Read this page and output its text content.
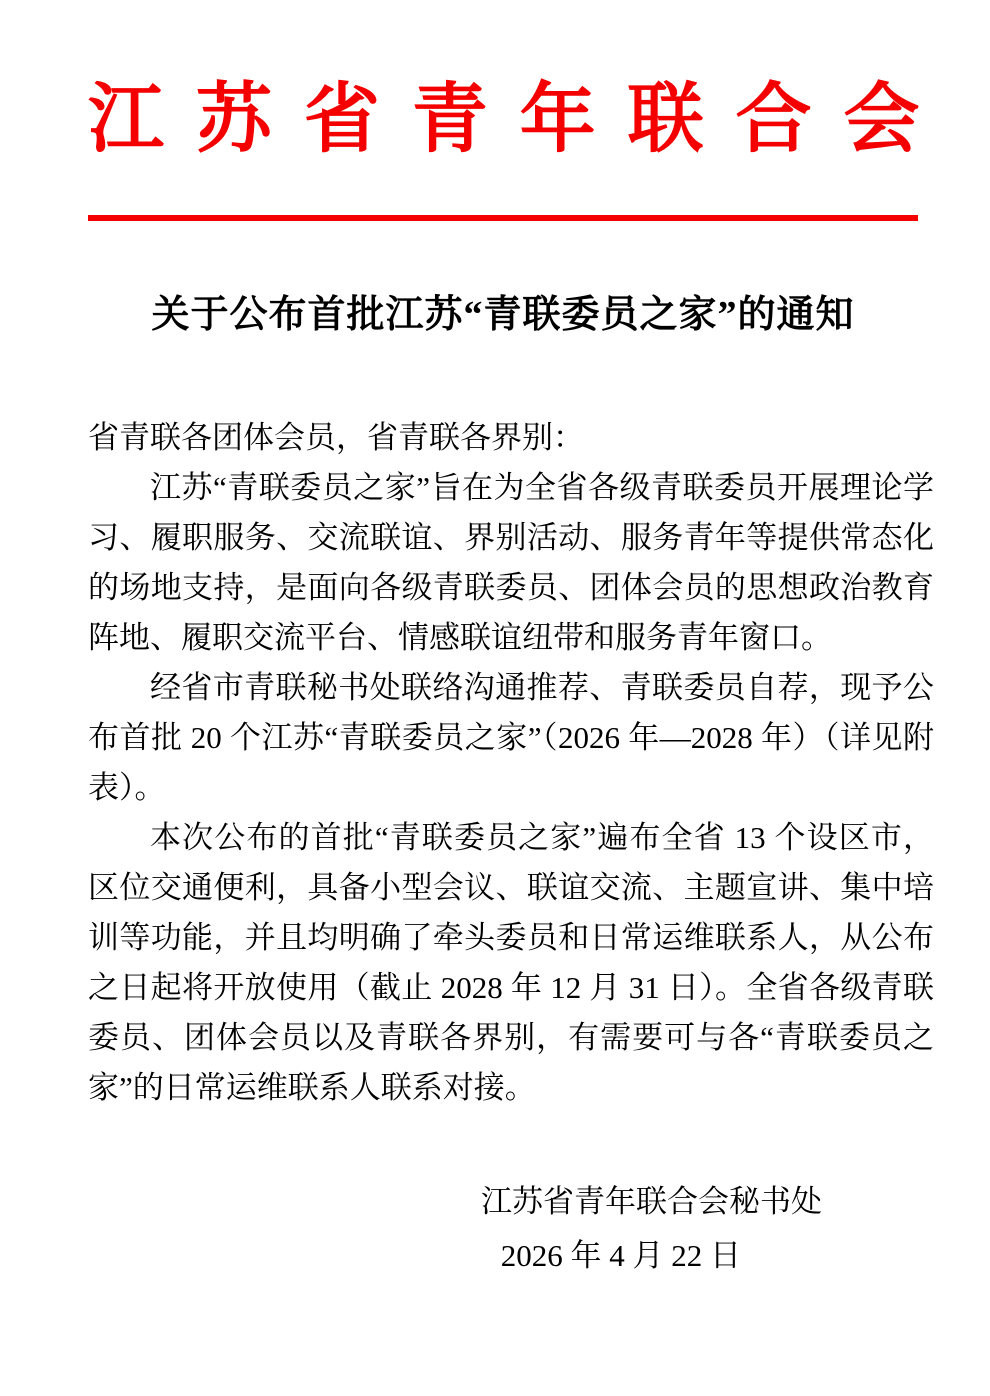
江苏省青年联合会
关于公布首批江苏“青联委员之家”的通知

省青联各团体会员，省青联各界别：

江苏“青联委员之家”旨在为全省各级青联委员开展理论学习、履职服务、交流联谊、界别活动、服务青年等提供常态化的场地支持，是面向各级青联委员、团体会员的思想政治教育阵地、履职交流平台、情感联谊纽带和服务青年窗口。

经省市青联秘书处联络沟通推荐、青联委员自荐，现予公布首批 20 个江苏“青联委员之家”（2026 年—2028 年）（详见附表）。

本次公布的首批“青联委员之家”遍布全省 13 个设区市，区位交通便利，具备小型会议、联谊交流、主题宣讲、集中培训等功能，并且均明确了牵头委员和日常运维联系人，从公布之日起将开放使用（截止 2028 年 12 月 31 日）。全省各级青联委员、团体会员以及青联各界别，有需要可与各“青联委员之家”的日常运维联系人联系对接。

江苏省青年联合会秘书处
2026 年 4 月 22 日
